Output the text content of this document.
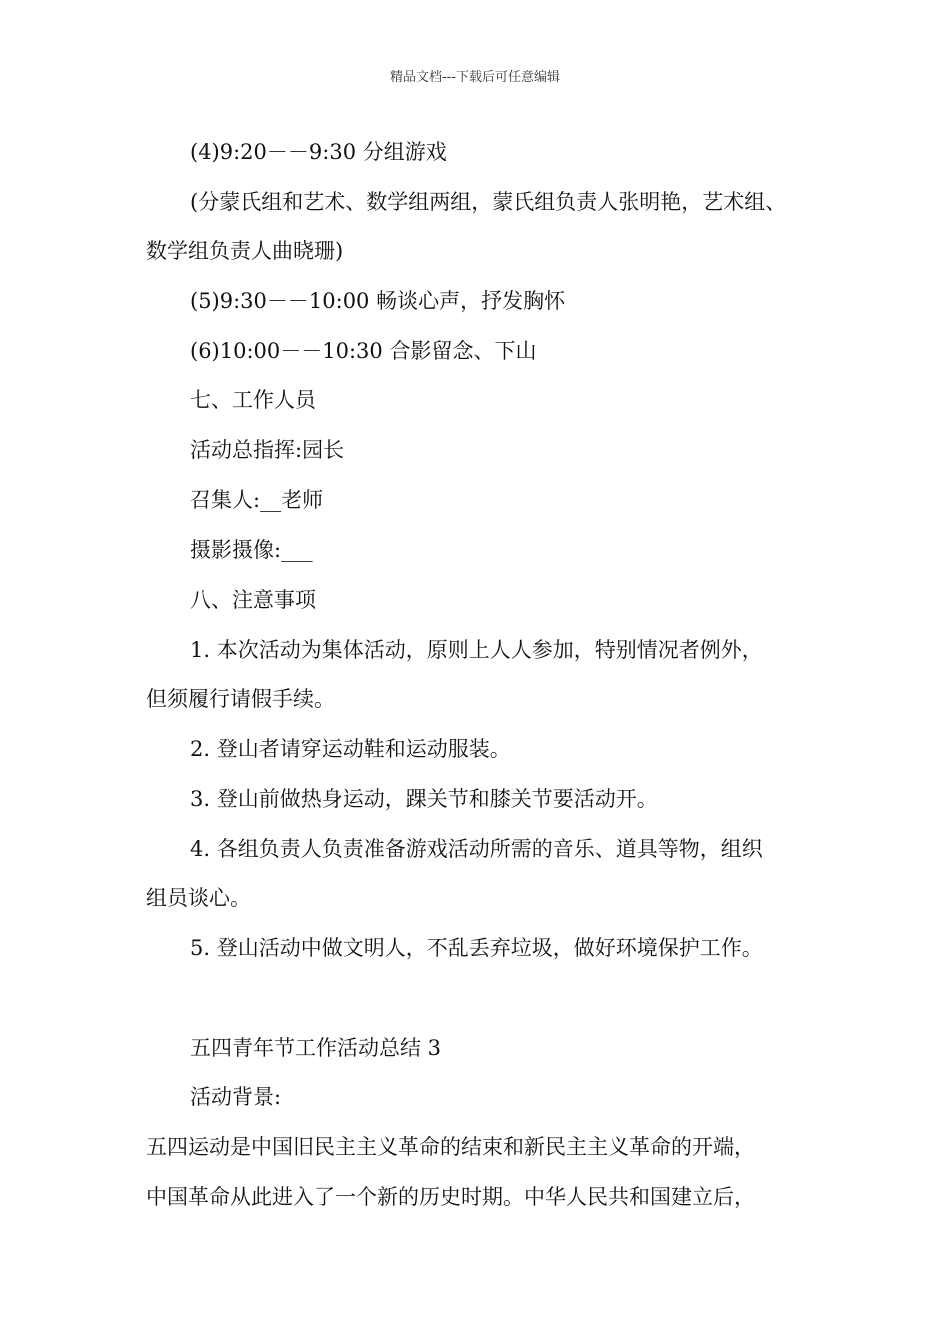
精品文档---下载后可任意编辑
(4)9:20－－9:30 分组游戏
(分蒙氏组和艺术、数学组两组，蒙氏组负责人张明艳，艺术组、
数学组负责人曲晓珊)
(5)9:30－－10:00 畅谈心声，抒发胸怀
(6)10:00－－10:30 合影留念、下山
七、工作人员
活动总指挥:园长
召集人:__老师
摄影摄像:___
八、注意事项
1. 本次活动为集体活动，原则上人人参加，特别情况者例外，
但须履行请假手续。
2. 登山者请穿运动鞋和运动服装。
3. 登山前做热身运动，踝关节和膝关节要活动开。
4. 各组负责人负责准备游戏活动所需的音乐、道具等物，组织
组员谈心。
5. 登山活动中做文明人，不乱丢弃垃圾，做好环境保护工作。
五四青年节工作活动总结 3
活动背景:
五四运动是中国旧民主主义革命的结束和新民主主义革命的开端，
中国革命从此进入了一个新的历史时期。中华人民共和国建立后，
